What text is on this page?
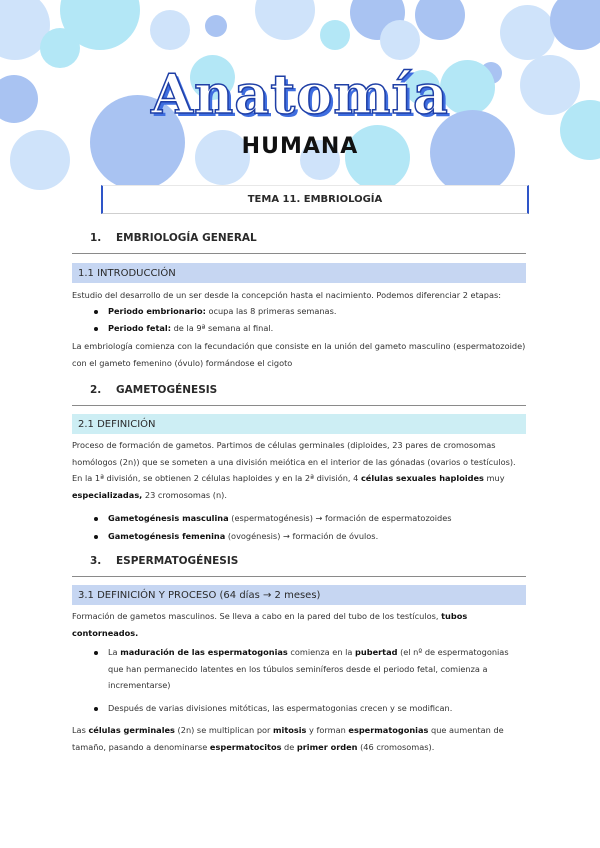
Anatomía
HUMANA
TEMA 11. EMBRIOLOGÍA
1. EMBRIOLOGÍA GENERAL
1.1 INTRODUCCIÓN
Estudio del desarrollo de un ser desde la concepción hasta el nacimiento. Podemos diferenciar 2 etapas:
Periodo embrionario: ocupa las 8 primeras semanas.
Periodo fetal: de la 9ª semana al final.
La embriología comienza con la fecundación que consiste en la unión del gameto masculino (espermatozoide) con el gameto femenino (óvulo) formándose el cigoto
2. GAMETOGÉNESIS
2.1 DEFINICIÓN
Proceso de formación de gametos. Partimos de células germinales (diploides, 23 pares de cromosomas homólogos (2n)) que se someten a una división meiótica en el interior de las gónadas (ovarios o testículos). En la 1ª división, se obtienen 2 células haploides y en la 2ª división, 4 células sexuales haploides muy especializadas, 23 cromosomas (n).
Gametogénesis masculina (espermatogénesis) → formación de espermatozoides
Gametogénesis femenina (ovogénesis) → formación de óvulos.
3. ESPERMATOGÉNESIS
3.1 DEFINICIÓN Y PROCESO (64 días → 2 meses)
Formación de gametos masculinos. Se lleva a cabo en la pared del tubo de los testículos, tubos contorneados.
La maduración de las espermatogonias comienza en la pubertad (el nº de espermatogonias que han permanecido latentes en los túbulos seminíferos desde el periodo fetal, comienza a incrementarse)
Después de varias divisiones mitóticas, las espermatogonias crecen y se modifican.
Las células germinales (2n) se multiplican por mitosis y forman espermatogonias que aumentan de tamaño, pasando a denominarse espermatocitos de primer orden (46 cromosomas).
